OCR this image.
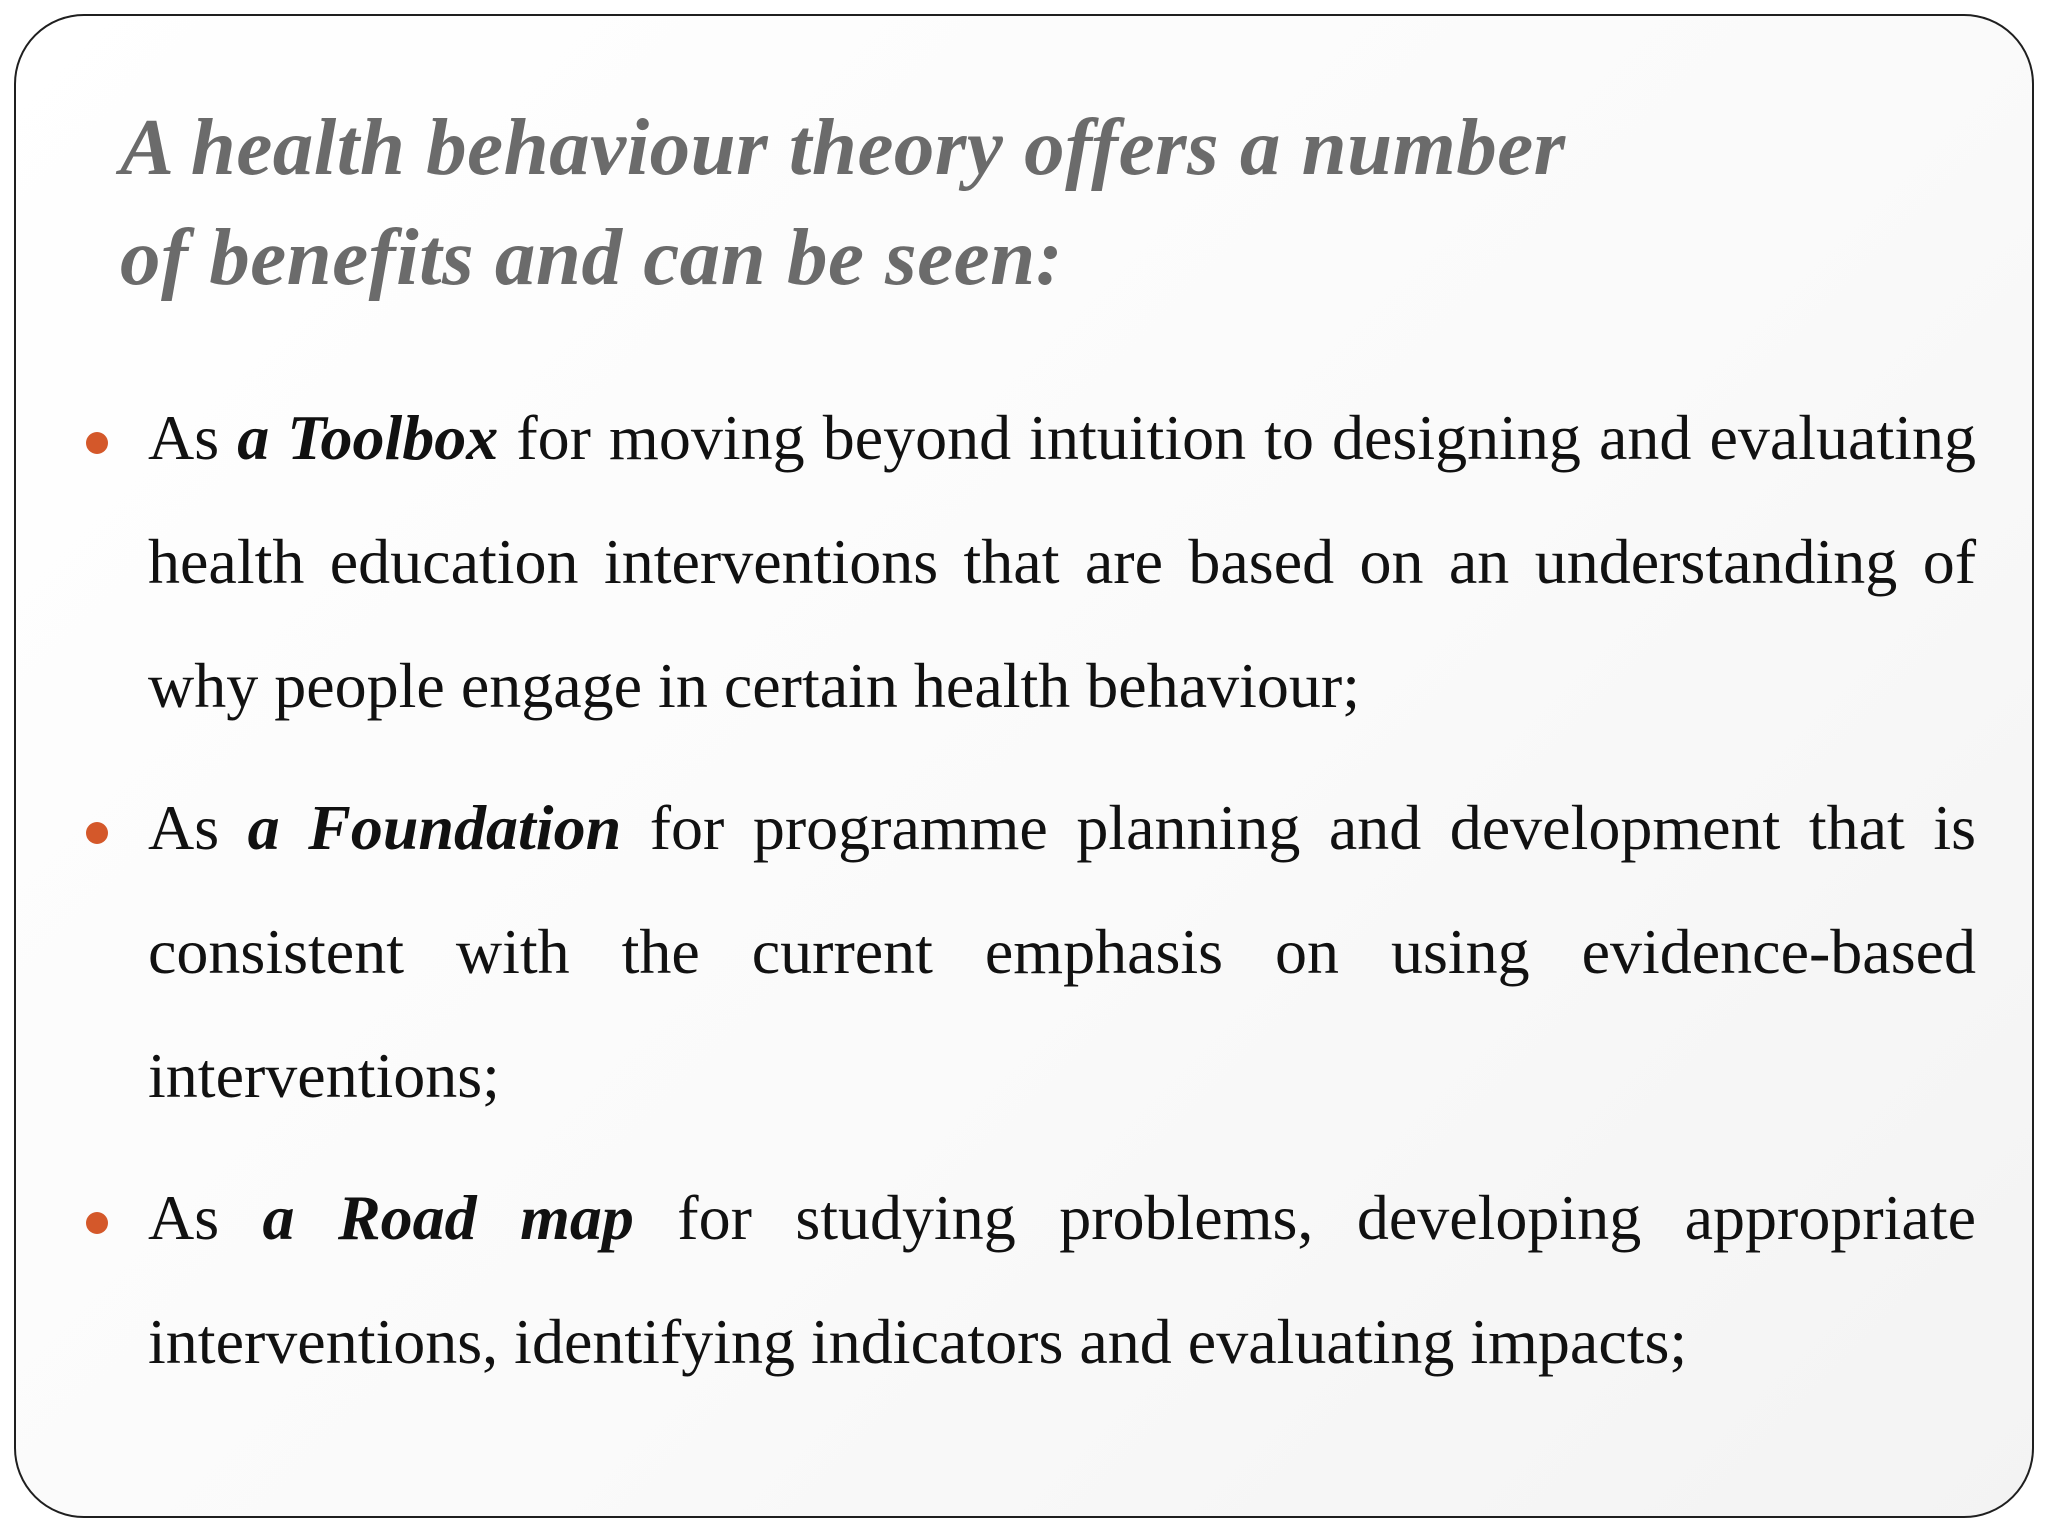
A health behaviour theory offers a number
of benefits and can be seen:
As a Toolbox for moving beyond intuition to designing and evaluating health education interventions that are based on an understanding of why people engage in certain health behaviour;
As a Foundation for programme planning and development that is consistent with the current emphasis on using evidence-based interventions;
As a Road map for studying problems, developing appropriate interventions, identifying indicators and evaluating impacts;
